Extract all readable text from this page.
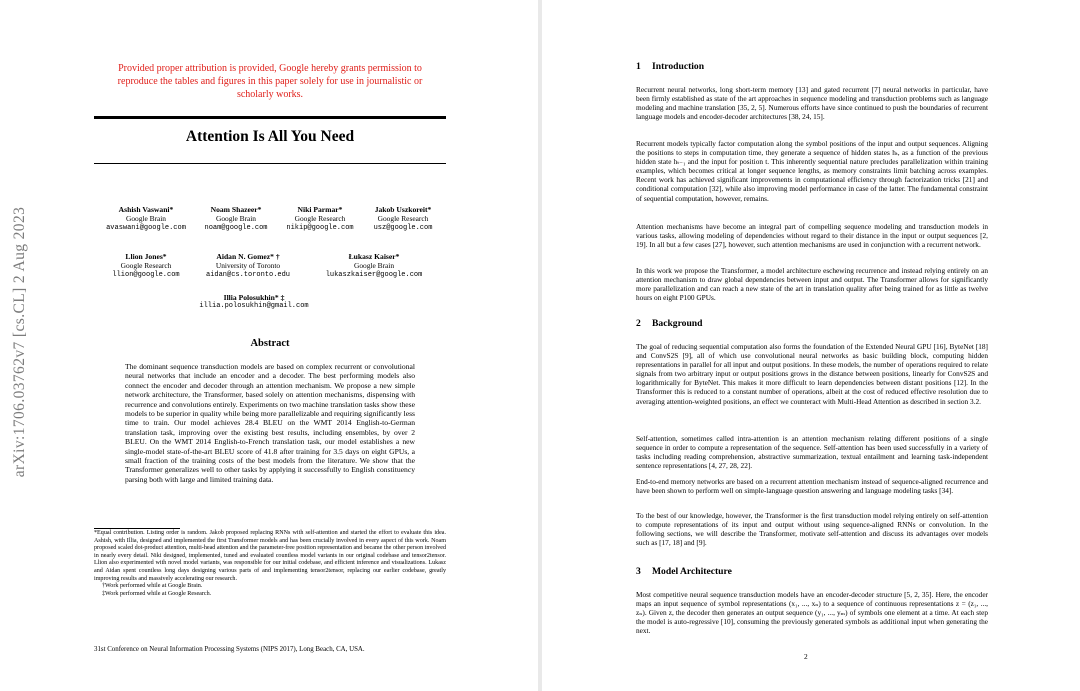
arXiv:1706.03762v7 [cs.CL] 2 Aug 2023
Provided proper attribution is provided, Google hereby grants permission to reproduce the tables and figures in this paper solely for use in journalistic or scholarly works.
Attention Is All You Need
Ashish Vaswani*
Google Brain
avaswani@google.com
Noam Shazeer*
Google Brain
noam@google.com
Niki Parmar*
Google Research
nikip@google.com
Jakob Uszkoreit*
Google Research
usz@google.com
Llion Jones*
Google Research
llion@google.com
Aidan N. Gomez* †
University of Toronto
aidan@cs.toronto.edu
Łukasz Kaiser*
Google Brain
lukaszkaiser@google.com
Illia Polosukhin* ‡
illia.polosukhin@gmail.com
Abstract
The dominant sequence transduction models are based on complex recurrent or convolutional neural networks that include an encoder and a decoder. The best performing models also connect the encoder and decoder through an attention mechanism. We propose a new simple network architecture, the Transformer, based solely on attention mechanisms, dispensing with recurrence and convolutions entirely. Experiments on two machine translation tasks show these models to be superior in quality while being more parallelizable and requiring significantly less time to train. Our model achieves 28.4 BLEU on the WMT 2014 English-to-German translation task, improving over the existing best results, including ensembles, by over 2 BLEU. On the WMT 2014 English-to-French translation task, our model establishes a new single-model state-of-the-art BLEU score of 41.8 after training for 3.5 days on eight GPUs, a small fraction of the training costs of the best models from the literature. We show that the Transformer generalizes well to other tasks by applying it successfully to English constituency parsing both with large and limited training data.

*Equal contribution. Listing order is random. Jakob proposed replacing RNNs with self-attention and started the effort to evaluate this idea. Ashish, with Illia, designed and implemented the first Transformer models and has been crucially involved in every aspect of this work. Noam proposed scaled dot-product attention, multi-head attention and the parameter-free position representation and became the other person involved in nearly every detail. Niki designed, implemented, tuned and evaluated countless model variants in our original codebase and tensor2tensor. Llion also experimented with novel model variants, was responsible for our initial codebase, and efficient inference and visualizations. Lukasz and Aidan spent countless long days designing various parts of and implementing tensor2tensor, replacing our earlier codebase, greatly improving results and massively accelerating our research.

†Work performed while at Google Brain.

‡Work performed while at Google Research.

31st Conference on Neural Information Processing Systems (NIPS 2017), Long Beach, CA, USA.
1 Introduction

Recurrent neural networks, long short-term memory [13] and gated recurrent [7] neural networks in particular, have been firmly established as state of the art approaches in sequence modeling and transduction problems such as language modeling and machine translation [35, 2, 5]. Numerous efforts have since continued to push the boundaries of recurrent language models and encoder-decoder architectures [38, 24, 15].

Recurrent models typically factor computation along the symbol positions of the input and output sequences. Aligning the positions to steps in computation time, they generate a sequence of hidden states hₜ, as a function of the previous hidden state hₜ₋₁ and the input for position t. This inherently sequential nature precludes parallelization within training examples, which becomes critical at longer sequence lengths, as memory constraints limit batching across examples. Recent work has achieved significant improvements in computational efficiency through factorization tricks [21] and conditional computation [32], while also improving model performance in case of the latter. The fundamental constraint of sequential computation, however, remains.

Attention mechanisms have become an integral part of compelling sequence modeling and transduction models in various tasks, allowing modeling of dependencies without regard to their distance in the input or output sequences [2, 19]. In all but a few cases [27], however, such attention mechanisms are used in conjunction with a recurrent network.

In this work we propose the Transformer, a model architecture eschewing recurrence and instead relying entirely on an attention mechanism to draw global dependencies between input and output. The Transformer allows for significantly more parallelization and can reach a new state of the art in translation quality after being trained for as little as twelve hours on eight P100 GPUs.

2 Background

The goal of reducing sequential computation also forms the foundation of the Extended Neural GPU [16], ByteNet [18] and ConvS2S [9], all of which use convolutional neural networks as basic building block, computing hidden representations in parallel for all input and output positions. In these models, the number of operations required to relate signals from two arbitrary input or output positions grows in the distance between positions, linearly for ConvS2S and logarithmically for ByteNet. This makes it more difficult to learn dependencies between distant positions [12]. In the Transformer this is reduced to a constant number of operations, albeit at the cost of reduced effective resolution due to averaging attention-weighted positions, an effect we counteract with Multi-Head Attention as described in section 3.2.

Self-attention, sometimes called intra-attention is an attention mechanism relating different positions of a single sequence in order to compute a representation of the sequence. Self-attention has been used successfully in a variety of tasks including reading comprehension, abstractive summarization, textual entailment and learning task-independent sentence representations [4, 27, 28, 22].

End-to-end memory networks are based on a recurrent attention mechanism instead of sequence-aligned recurrence and have been shown to perform well on simple-language question answering and language modeling tasks [34].

To the best of our knowledge, however, the Transformer is the first transduction model relying entirely on self-attention to compute representations of its input and output without using sequence-aligned RNNs or convolution. In the following sections, we will describe the Transformer, motivate self-attention and discuss its advantages over models such as [17, 18] and [9].

3 Model Architecture

Most competitive neural sequence transduction models have an encoder-decoder structure [5, 2, 35]. Here, the encoder maps an input sequence of symbol representations (x₁, ..., xₙ) to a sequence of continuous representations z = (z₁, ..., zₙ). Given z, the decoder then generates an output sequence (y₁, ..., yₘ) of symbols one element at a time. At each step the model is auto-regressive [10], consuming the previously generated symbols as additional input when generating the next.

2
